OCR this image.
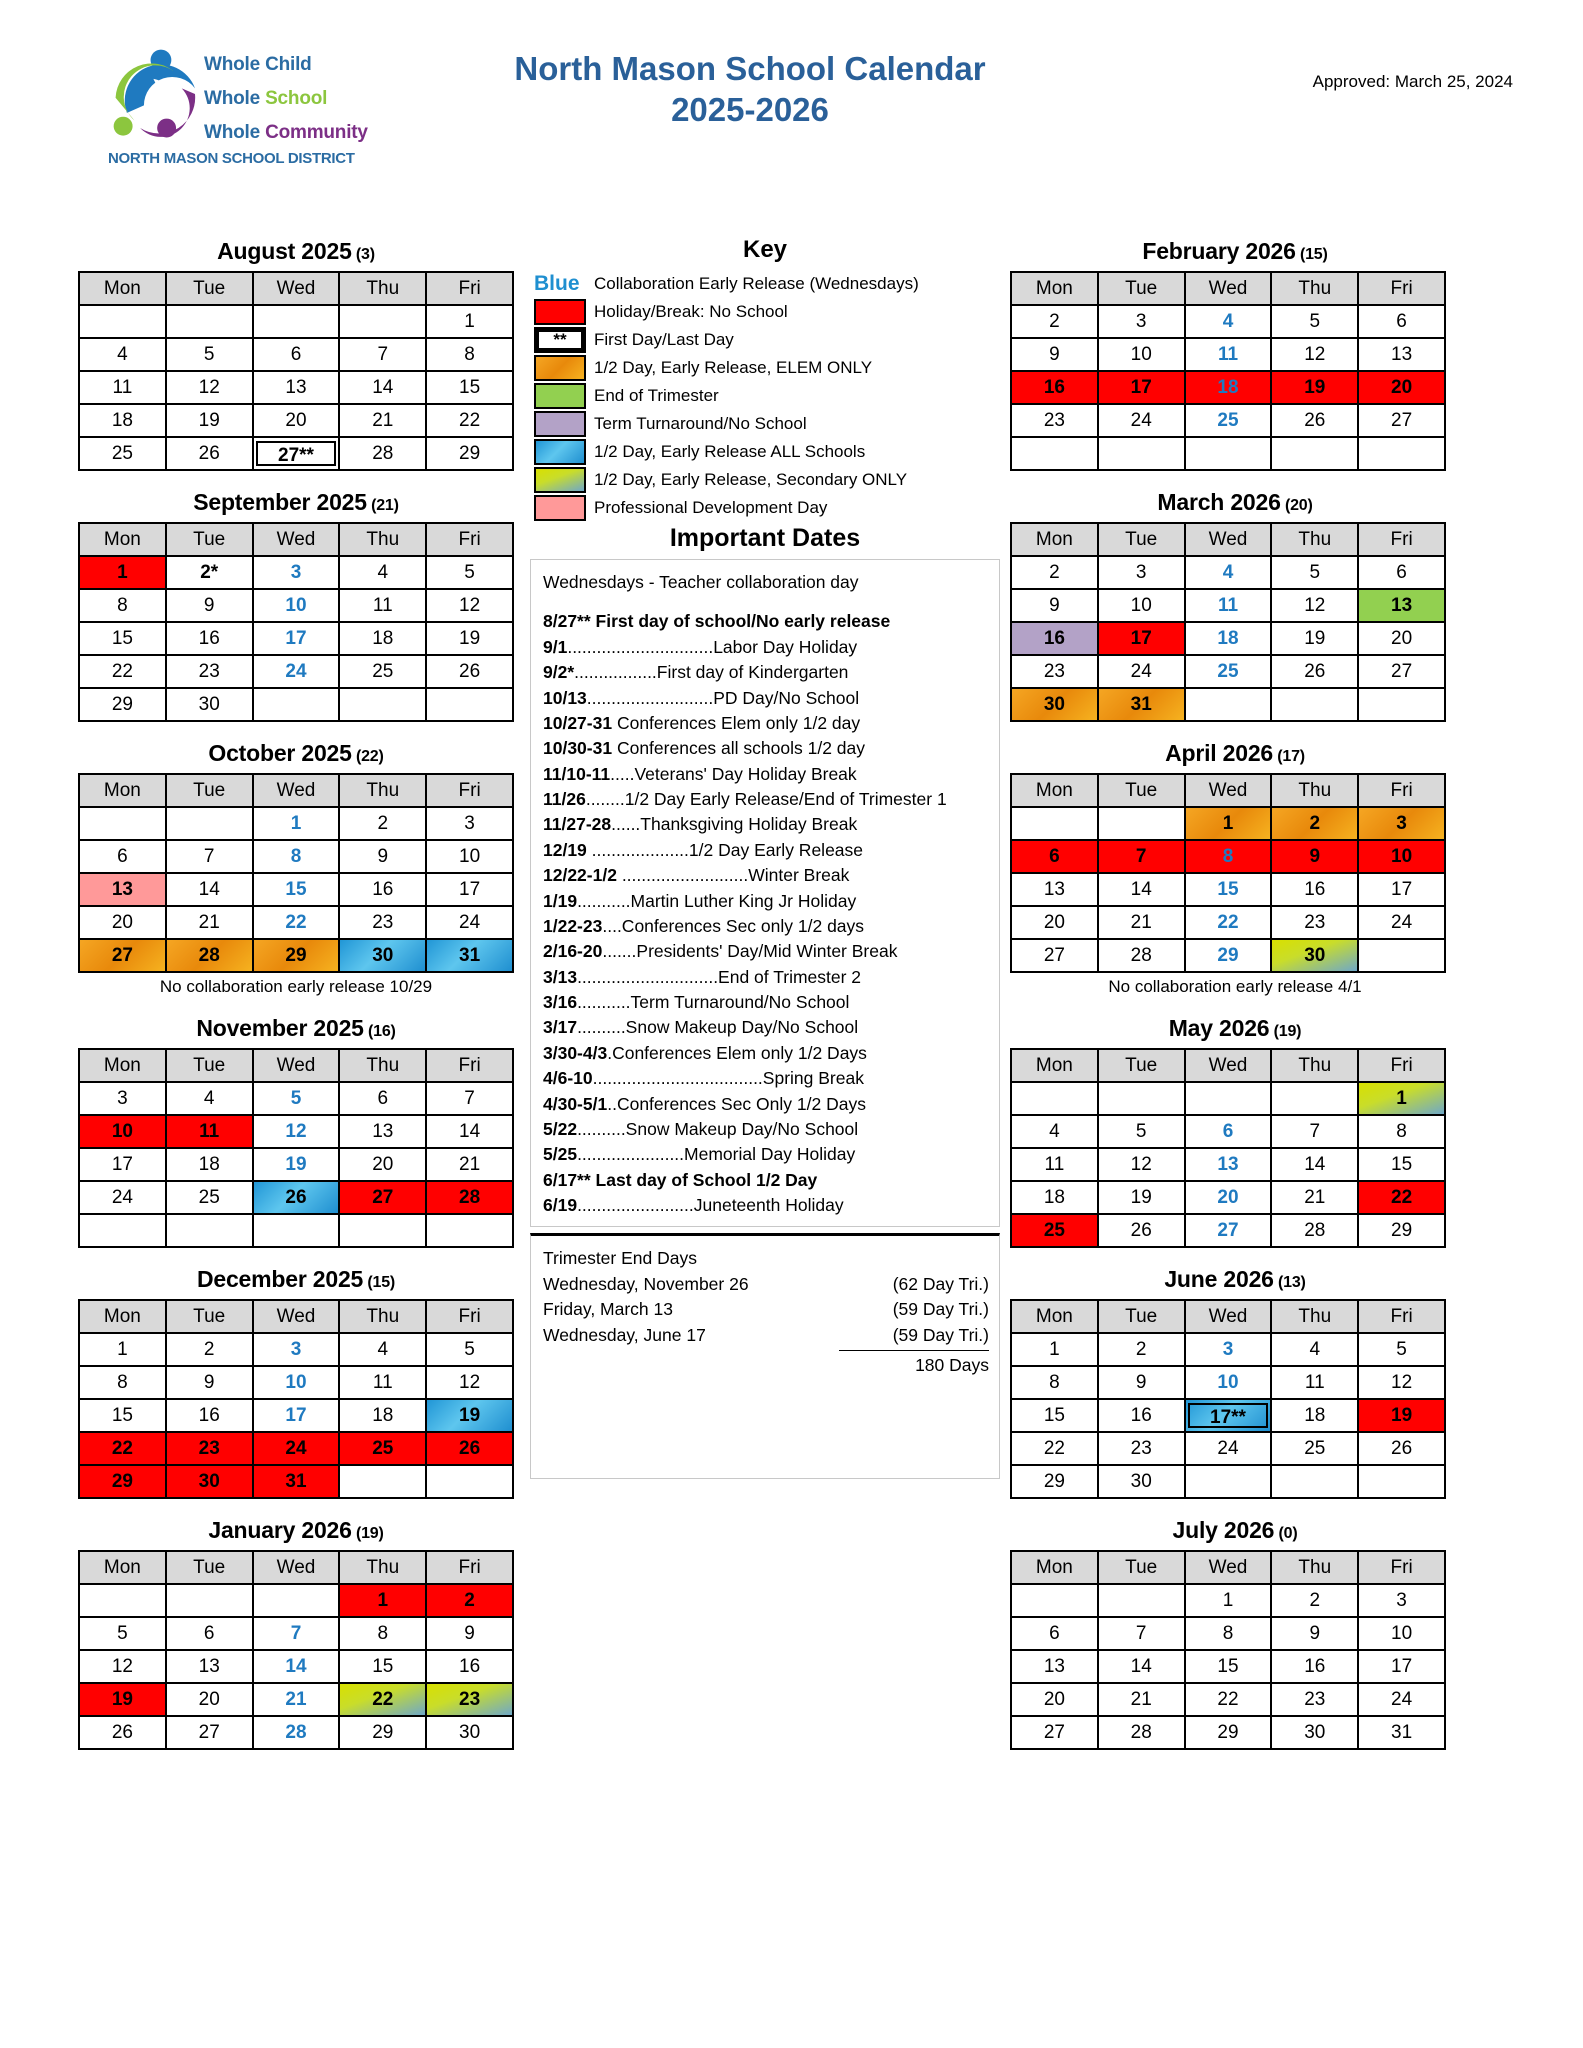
Whole Child
Whole School
Whole Community
NORTH MASON SCHOOL DISTRICT
North Mason School Calendar
2025-2026
Approved: March 25, 2024
August 2025 (3)
Mon	Tue	Wed	Thu	Fri
				1
4	5	6	7	8
11	12	13	14	15
18	19	20	21	22
25	26	27**	28	29
September 2025 (21)
Mon	Tue	Wed	Thu	Fri
1	2*	3	4	5
8	9	10	11	12
15	16	17	18	19
22	23	24	25	26
29	30			
October 2025 (22)
Mon	Tue	Wed	Thu	Fri
		1	2	3
6	7	8	9	10
13	14	15	16	17
20	21	22	23	24
27	28	29	30	31
No collaboration early release 10/29
November 2025 (16)
Mon	Tue	Wed	Thu	Fri
3	4	5	6	7
10	11	12	13	14
17	18	19	20	21
24	25	26	27	28

December 2025 (15)
Mon	Tue	Wed	Thu	Fri
1	2	3	4	5
8	9	10	11	12
15	16	17	18	19
22	23	24	25	26
29	30	31		
January 2026 (19)
Mon	Tue	Wed	Thu	Fri
			1	2
5	6	7	8	9
12	13	14	15	16
19	20	21	22	23
26	27	28	29	30
Key
Blue Collaboration Early Release (Wednesdays)
Holiday/Break: No School
**	First Day/Last Day
1/2 Day, Early Release, ELEM ONLY
End of Trimester
Term Turnaround/No School
1/2 Day, Early Release ALL Schools
1/2 Day, Early Release, Secondary ONLY
Professional Development Day
Important Dates
Wednesdays - Teacher collaboration day
8/27** First day of school/No early release
9/1..............................Labor Day Holiday
9/2*.................First day of Kindergarten
10/13..........................PD Day/No School
10/27-31 Conferences Elem only 1/2 day
10/30-31 Conferences all schools 1/2 day
11/10-11.....Veterans' Day Holiday Break
11/26........1/2 Day Early Release/End of Trimester 1
11/27-28......Thanksgiving Holiday Break
12/19 ....................1/2 Day Early Release
12/22-1/2 ..........................Winter Break
1/19...........Martin Luther King Jr Holiday
1/22-23....Conferences Sec only 1/2 days
2/16-20.......Presidents' Day/Mid Winter Break
3/13.............................End of Trimester 2
3/16...........Term Turnaround/No School
3/17..........Snow Makeup Day/No School
3/30-4/3.Conferences Elem only 1/2 Days
4/6-10...................................Spring Break
4/30-5/1..Conferences Sec Only 1/2 Days
5/22..........Snow Makeup Day/No School
5/25......................Memorial Day Holiday
6/17** Last day of School 1/2 Day
6/19........................Juneteenth Holiday
Trimester End Days
Wednesday, November 26	(62 Day Tri.)
Friday, March 13	(59 Day Tri.)
Wednesday, June 17	(59 Day Tri.)
180 Days
February 2026 (15)
Mon	Tue	Wed	Thu	Fri
2	3	4	5	6
9	10	11	12	13
16	17	18	19	20
23	24	25	26	27

March 2026 (20)
Mon	Tue	Wed	Thu	Fri
2	3	4	5	6
9	10	11	12	13
16	17	18	19	20
23	24	25	26	27
30	31			
April 2026 (17)
Mon	Tue	Wed	Thu	Fri
		1	2	3
6	7	8	9	10
13	14	15	16	17
20	21	22	23	24
27	28	29	30	
No collaboration early release 4/1
May 2026 (19)
Mon	Tue	Wed	Thu	Fri
				1
4	5	6	7	8
11	12	13	14	15
18	19	20	21	22
25	26	27	28	29
June 2026 (13)
Mon	Tue	Wed	Thu	Fri
1	2	3	4	5
8	9	10	11	12
15	16	17**	18	19
22	23	24	25	26
29	30			
July 2026 (0)
Mon	Tue	Wed	Thu	Fri
		1	2	3
6	7	8	9	10
13	14	15	16	17
20	21	22	23	24
27	28	29	30	31
